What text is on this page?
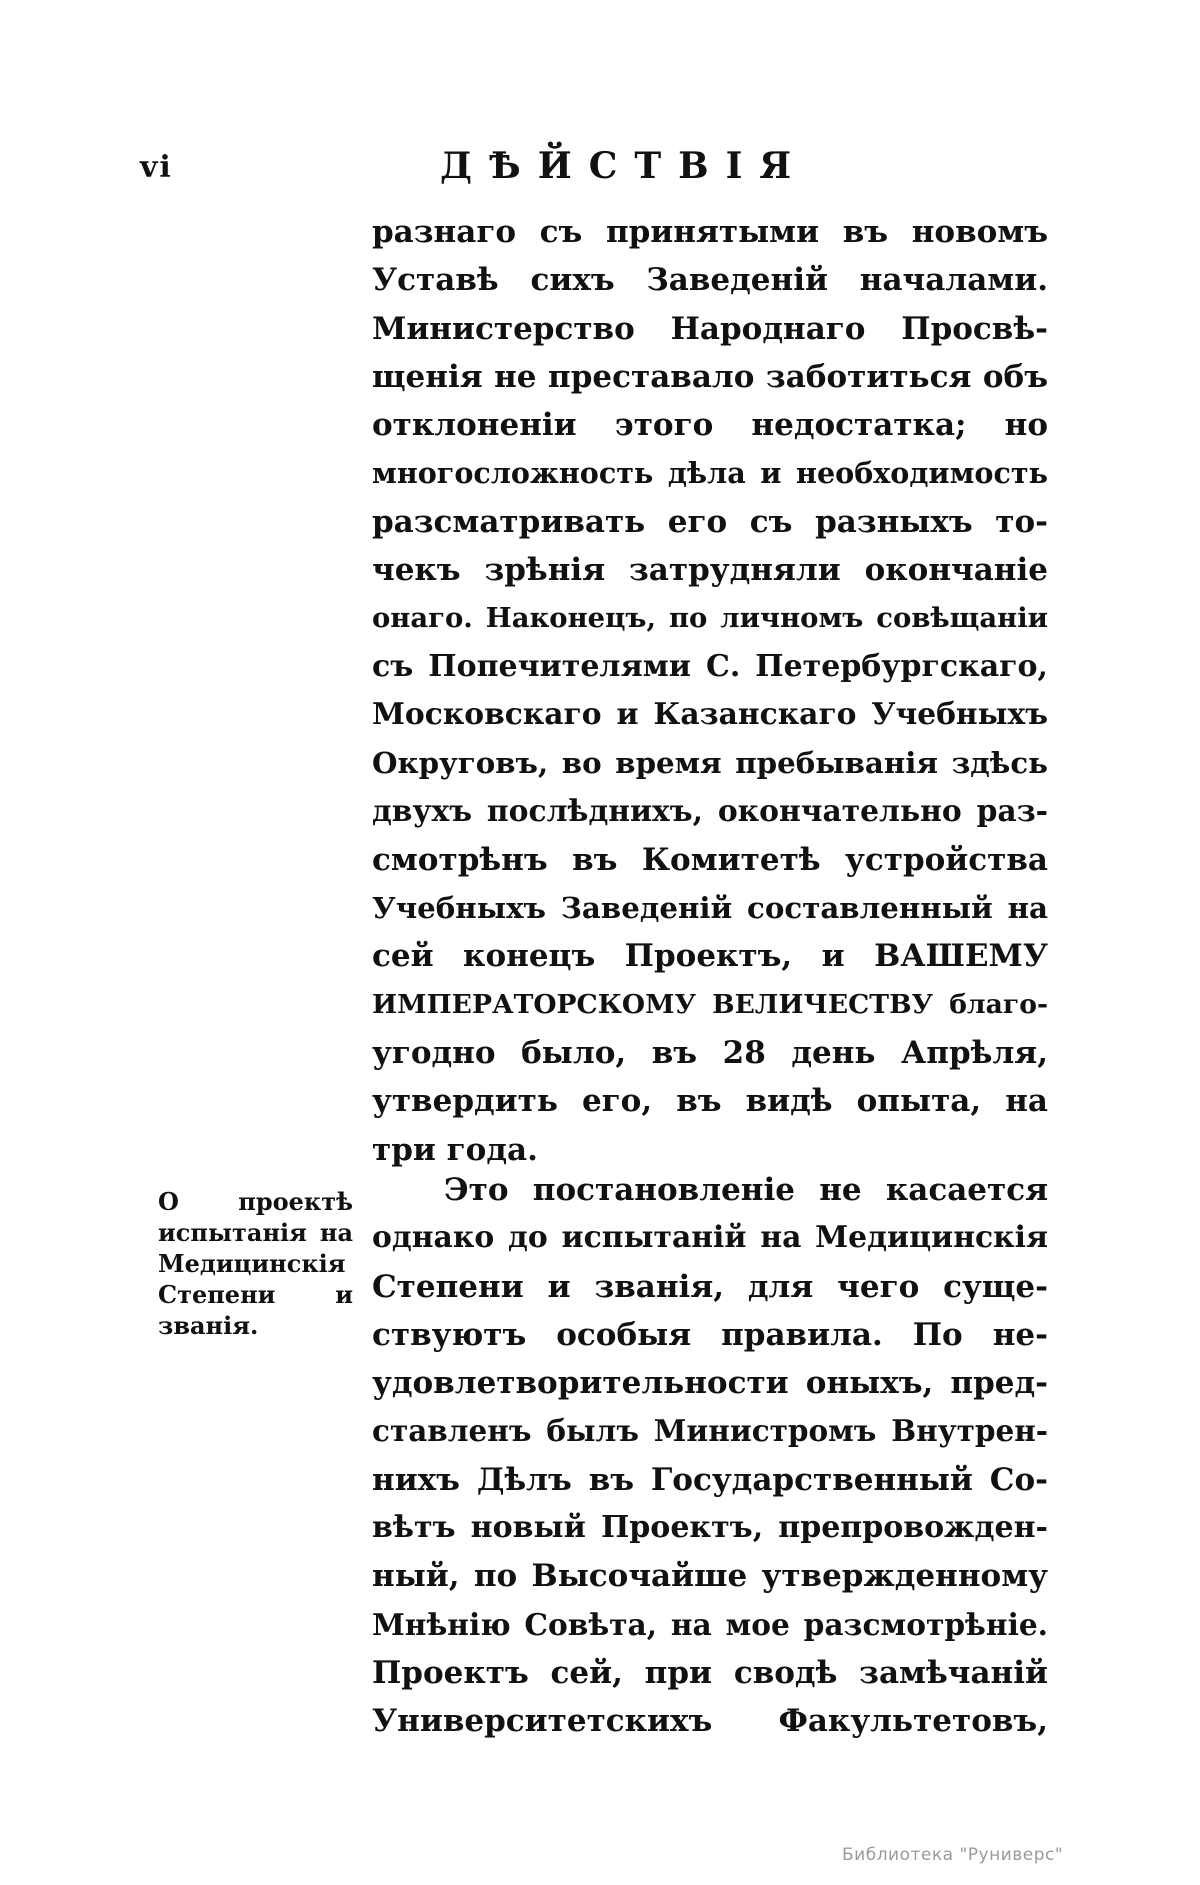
vi	ДѢЙСТВІЯ
разнаго съ принятыми въ новомъ
Уставѣ сихъ Заведеній началами.
Министерство Народнаго Просвѣ-
щенія не преставало заботиться объ
отклоненіи этого недостатка; но
многосложность дѣла и необходимость
разсматривать его съ разныхъ то-
чекъ зрѣнія затрудняли окончаніе
онаго. Наконецъ, по личномъ совѣщаніи
съ Попечителями С. Петербургскаго,
Московскаго и Казанскаго Учебныхъ
Округовъ, во время пребыванія здѣсь
двухъ послѣднихъ, окончательно раз-
смотрѣнъ въ Комитетѣ устройства
Учебныхъ Заведеній составленный на
сей конецъ Проектъ, и ВАШЕМУ
ИМПЕРАТОРСКОМУ ВЕЛИЧЕСТВУ благо-
угодно было, въ 28 день Апрѣля,
утвердить его, въ видѣ опыта, на
три года.
О проектѣ
испытанія на
Медицинскія
Степени и
званія.
Это постановленіе не касается
однако до испытаній на Медицинскія
Степени и званія, для чего суще-
ствуютъ особыя правила. По не-
удовлетворительности оныхъ, пред-
ставленъ былъ Министромъ Внутрен-
нихъ Дѣлъ въ Государственный Со-
вѣтъ новый Проектъ, препровожден-
ный, по Высочайше утвержденному
Мнѣнію Совѣта, на мое разсмотрѣніе.
Проектъ сей, при сводѣ замѣчаній
Университетскихъ Факультетовъ,
Библиотека "Руниверс"
